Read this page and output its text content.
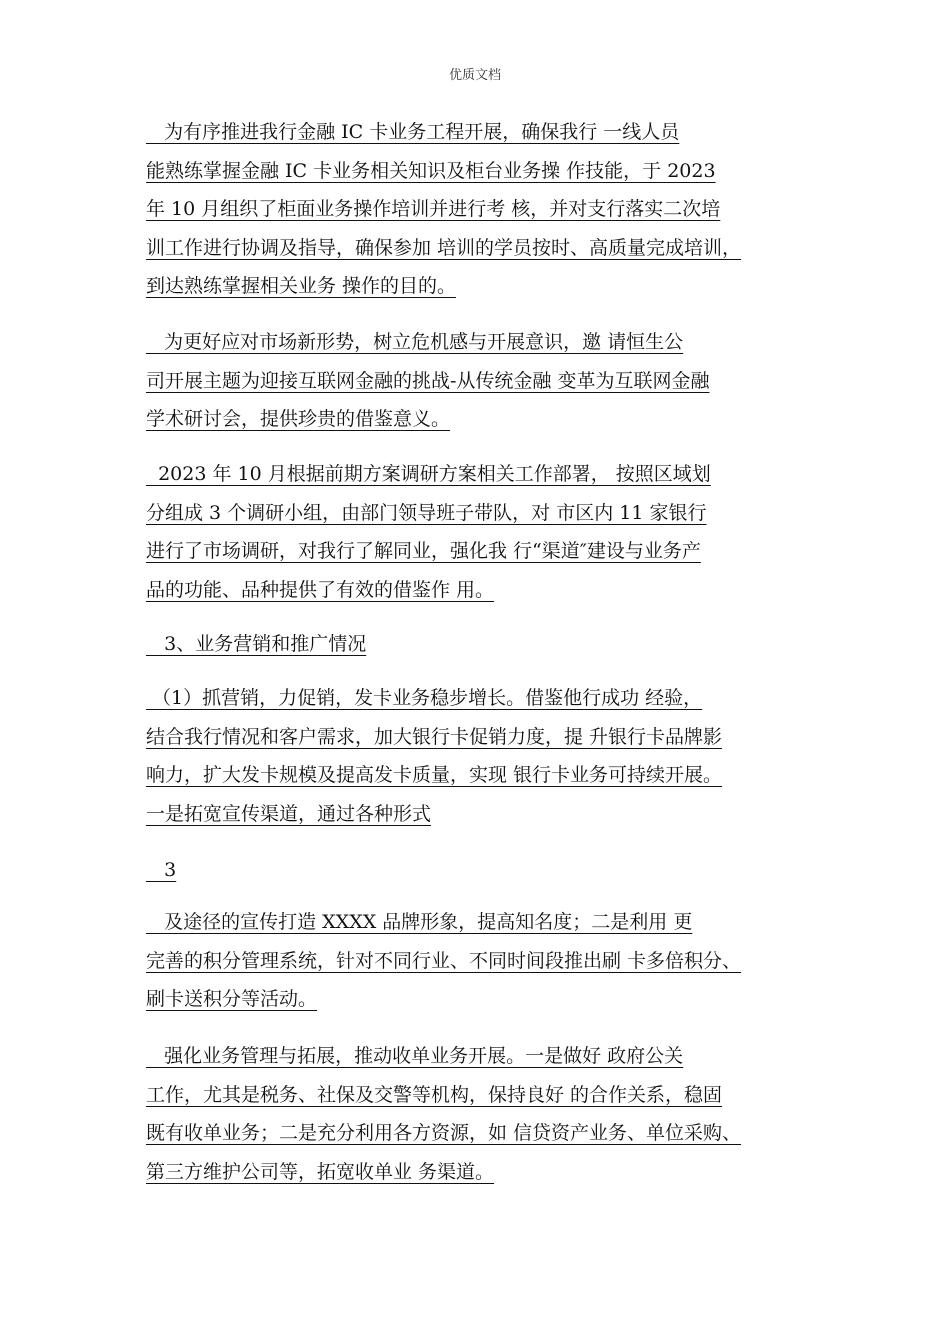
优质文档
为有序推进我行金融 IC 卡业务工程开展，确保我行 一线人员
能熟练掌握金融 IC 卡业务相关知识及柜台业务操 作技能，于 2023
年 10 月组织了柜面业务操作培训并进行考 核，并对支行落实二次培
训工作进行协调及指导，确保参加 培训的学员按时、高质量完成培训，
到达熟练掌握相关业务 操作的目的。
为更好应对市场新形势，树立危机感与开展意识，邀 请恒生公
司开展主题为迎接互联网金融的挑战-从传统金融 变革为互联网金融
学术研讨会，提供珍贵的借鉴意义。
2023 年 10 月根据前期方案调研方案相关工作部署， 按照区域划
分组成 3 个调研小组，由部门领导班子带队，对 市区内 11 家银行
进行了市场调研，对我行了解同业，强化我 行“渠道″建设与业务产
品的功能、品种提供了有效的借鉴作 用。
3、业务营销和推广情况
（1）抓营销，力促销，发卡业务稳步增长。借鉴他行成功 经验，
结合我行情况和客户需求，加大银行卡促销力度，提 升银行卡品牌影
响力，扩大发卡规模及提高发卡质量，实现 银行卡业务可持续开展。
一是拓宽宣传渠道，通过各种形式
3
及途径的宣传打造 XXXX 品牌形象，提高知名度；二是利用 更
完善的积分管理系统，针对不同行业、不同时间段推出刷 卡多倍积分、
刷卡送积分等活动。
强化业务管理与拓展，推动收单业务开展。一是做好 政府公关
工作，尤其是税务、社保及交警等机构，保持良好 的合作关系，稳固
既有收单业务；二是充分利用各方资源，如 信贷资产业务、单位采购、
第三方维护公司等，拓宽收单业 务渠道。
